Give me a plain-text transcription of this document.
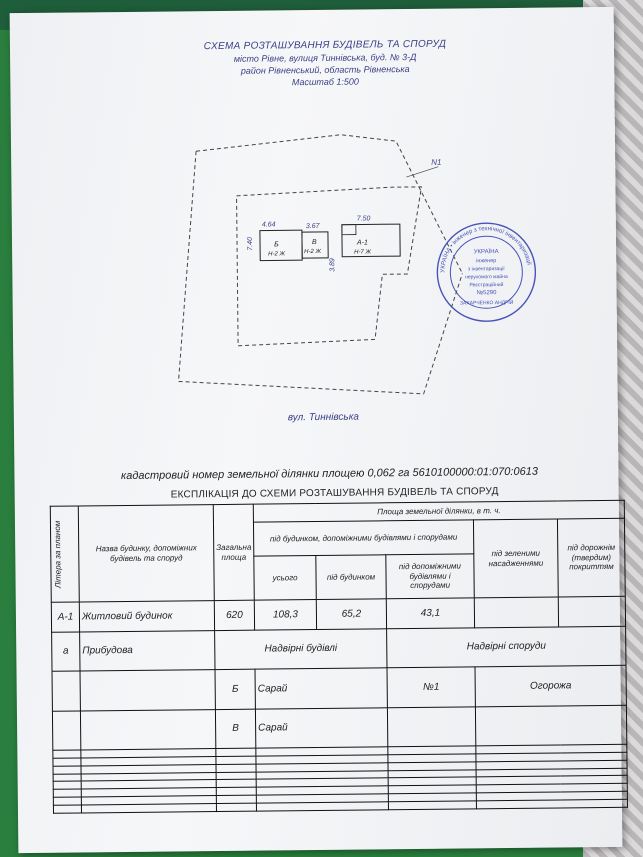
СХЕМА РОЗТАШУВАННЯ БУДІВЕЛЬ ТА СПОРУД
місто Рівне, вулиця Тиннівська, буд. № 3-Д
район Рівненський, область Рівненська
Масштаб 1:500
N1
4.64
7.40	Б
Н-2 Ж
3.67
В
Н-2 Ж
7.50
3.89
А-1
Н-7 Ж
вул. Тиннівська
УКРАЇНА • інженер з технічної інвентаризації
УКРАЇНА
інженер
з інвентаризації
нерухомого майна
Реєстраційний
№5290
ЗАХАРЧЕНКО АНДРІЙ
кадастровий номер земельної ділянки площею 0,062 га 5610100000:01:070:0613
ЕКСПЛІКАЦІЯ ДО СХЕМИ РОЗТАШУВАННЯ БУДІВЕЛЬ ТА СПОРУД
Літера за планом	Назва будинку, допоміжних будівель та споруд	Загальна площа	Площа земельної ділянки, в т. ч.				
			під будинком, допоміжними будівлями і спорудами			під зеленими насадженнями	під дорожнім (твердим) покриттям
			усього	під будинком	під допоміжними будівлями і спорудами		
А-1	Житловий будинок	620	108,3	65,2	43,1		
а	Прибудова	Надвірні будівлі			Надвірні споруди		
		Б	Сарай		№1	Огорожа	
		В	Сарай				
